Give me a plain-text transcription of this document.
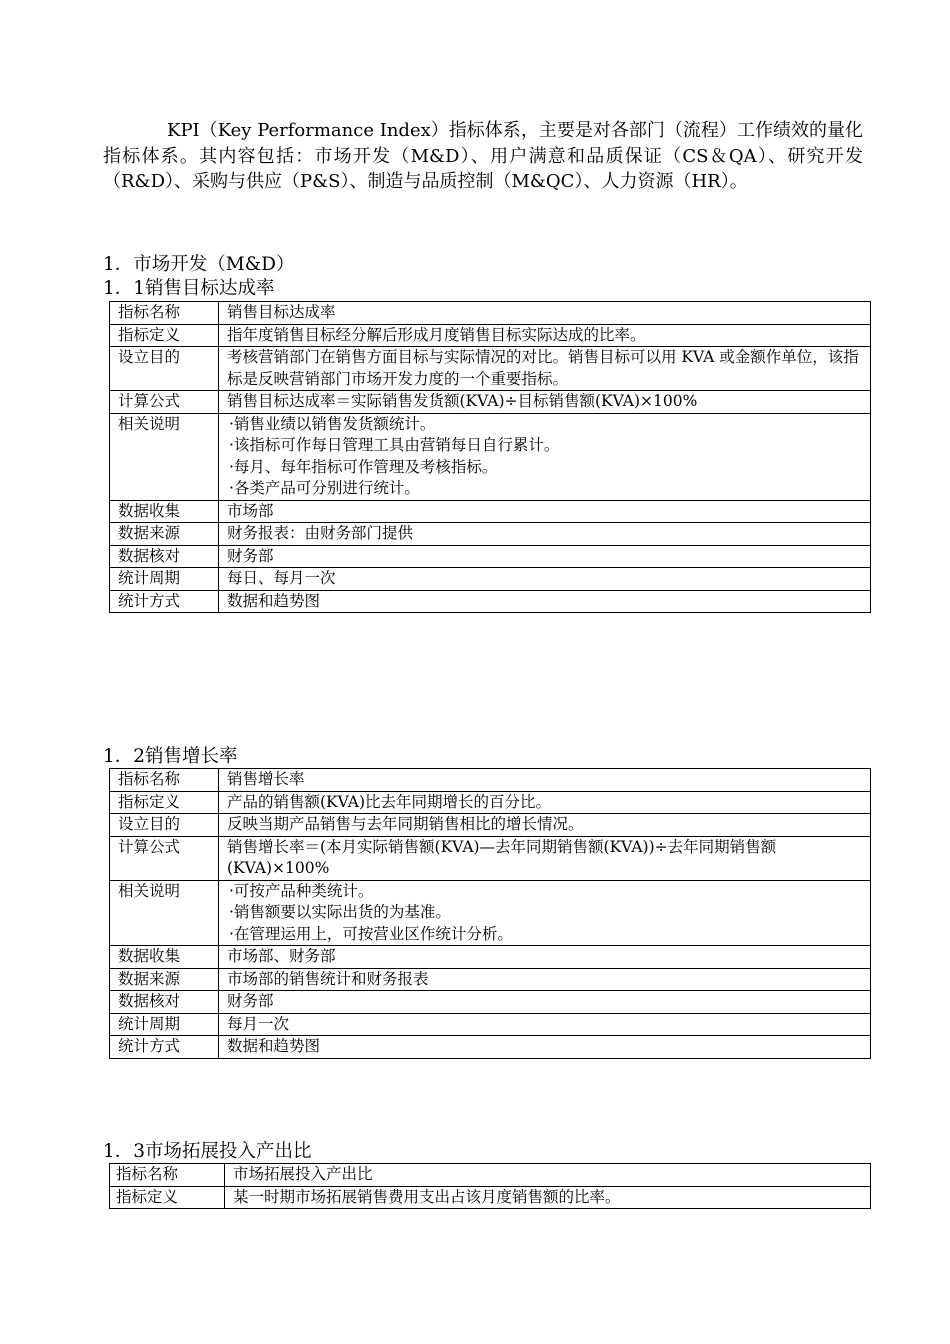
KPI（Key Performance Index）指标体系，主要是对各部门（流程）工作绩效的量化指标体系。其内容包括：市场开发（M&D）、用户满意和品质保证（CS＆QA）、研究开发（R&D）、采购与供应（P&S）、制造与品质控制（M&QC）、人力资源（HR）。

1．市场开发（M&D）
1．1销售目标达成率
指标名称	销售目标达成率
指标定义	指年度销售目标经分解后形成月度销售目标实际达成的比率。
设立目的	考核营销部门在销售方面目标与实际情况的对比。销售目标可以用 KVA 或金额作单位，该指标是反映营销部门市场开发力度的一个重要指标。
计算公式	销售目标达成率＝实际销售发货额(KVA)÷目标销售额(KVA)×100%
相关说明	·销售业绩以销售发货额统计。
·该指标可作每日管理工具由营销每日自行累计。
·每月、每年指标可作管理及考核指标。
·各类产品可分别进行统计。

数据收集	市场部
数据来源	财务报表：由财务部门提供
数据核对	财务部
统计周期	每日、每月一次
统计方式	数据和趋势图
1．2销售增长率
指标名称	销售增长率
指标定义	产品的销售额(KVA)比去年同期增长的百分比。
设立目的	反映当期产品销售与去年同期销售相比的增长情况。
计算公式	销售增长率＝(本月实际销售额(KVA)—去年同期销售额(KVA))÷去年同期销售额(KVA)×100%
相关说明	·可按产品种类统计。
·销售额要以实际出货的为基准。
·在管理运用上，可按营业区作统计分析。

数据收集	市场部、财务部
数据来源	市场部的销售统计和财务报表
数据核对	财务部
统计周期	每月一次
统计方式	数据和趋势图
1．3市场拓展投入产出比
指标名称	市场拓展投入产出比
指标定义	某一时期市场拓展销售费用支出占该月度销售额的比率。
